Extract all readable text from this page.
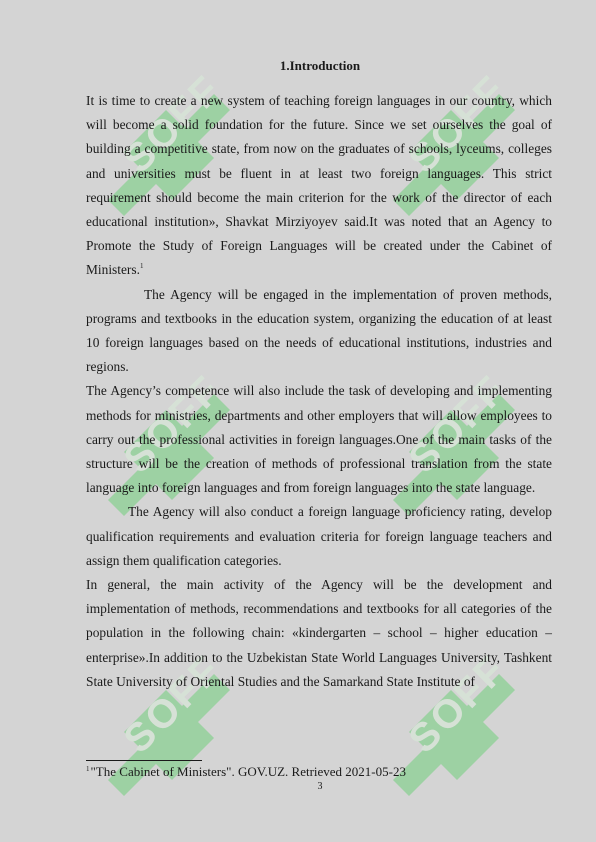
SOFF	SOFF
SOFF	SOFF
SOFF	SOFF
1.Introduction

It is time to create a new system of teaching foreign languages in our country, which will become a solid foundation for the future. Since we set ourselves the goal of building a competitive state, from now on the graduates of schools, lyceums, colleges and universities must be fluent in at least two foreign languages. This strict requirement should become the main criterion for the work of the director of each educational institution», Shavkat Mirziyoyev said.It was noted that an Agency to Promote the Study of Foreign Languages will be created under the Cabinet of Ministers.$^1$

The Agency will be engaged in the implementation of proven methods, programs and textbooks in the education system, organizing the education of at least 10 foreign languages based on the needs of educational institutions, industries and regions.

The Agency’s competence will also include the task of developing and implementing methods for ministries, departments and other employers that will allow employees to carry out the professional activities in foreign languages.One of the main tasks of the structure will be the creation of methods of professional translation from the state language into foreign languages and from foreign languages into the state language.

The Agency will also conduct a foreign language proficiency rating, develop qualification requirements and evaluation criteria for foreign language teachers and assign them qualification categories.

In general, the main activity of the Agency will be the development and implementation of methods, recommendations and textbooks for all categories of the population in the following chain: «kindergarten – school – higher education – enterprise».In addition to the Uzbekistan State World Languages University, Tashkent State University of Oriental Studies and the Samarkand State Institute of

$^1$"The Cabinet of Ministers". GOV.UZ. Retrieved 2021-05-23
3
